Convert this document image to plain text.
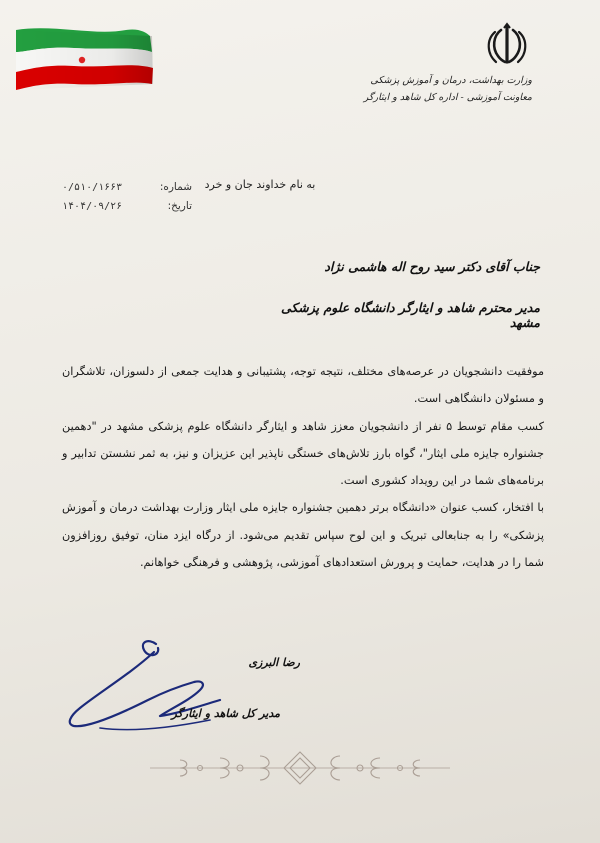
وزارت بهداشت، درمان و آموزش پزشکی
معاونت آموزشی - اداره کل شاهد و ایثارگر
به نام خداوند جان و خرد
شماره:
۰/۵۱۰/۱۶۶۳
تاریخ:
۱۴۰۴/۰۹/۲۶
جناب آقای دکتر سید روح اله هاشمی نژاد
مدیر محترم شاهد و ایثارگر دانشگاه علوم پزشکی مشهد

موفقیت دانشجویان در عرصه‌های مختلف، نتیجه توجه، پشتیبانی و هدایت جمعی از دلسوزان، تلاشگران و مسئولان دانشگاهی است.

کسب مقام توسط ۵ نفر از دانشجویان معزز شاهد و ایثارگر دانشگاه علوم پزشکی مشهد در "دهمین جشنواره جایزه ملی ایثار"، گواه بارز تلاش‌های خستگی ناپذیر این عزیزان و نیز، به ثمر نشستن تدابیر و برنامه‌های شما در این رویداد کشوری است.

با افتخار، کسب عنوان «دانشگاه برتر دهمین جشنواره جایزه ملی ایثار وزارت بهداشت درمان و آموزش پزشکی» را به جنابعالی تبریک و این لوح سپاس تقدیم می‌شود. از درگاه ایزد منان، توفیق روزافزون شما را در هدایت، حمایت و پرورش استعدادهای آموزشی، پژوهشی و فرهنگی خواهانم.

رضا البرزی
مدیر کل شاهد و ایثارگر
